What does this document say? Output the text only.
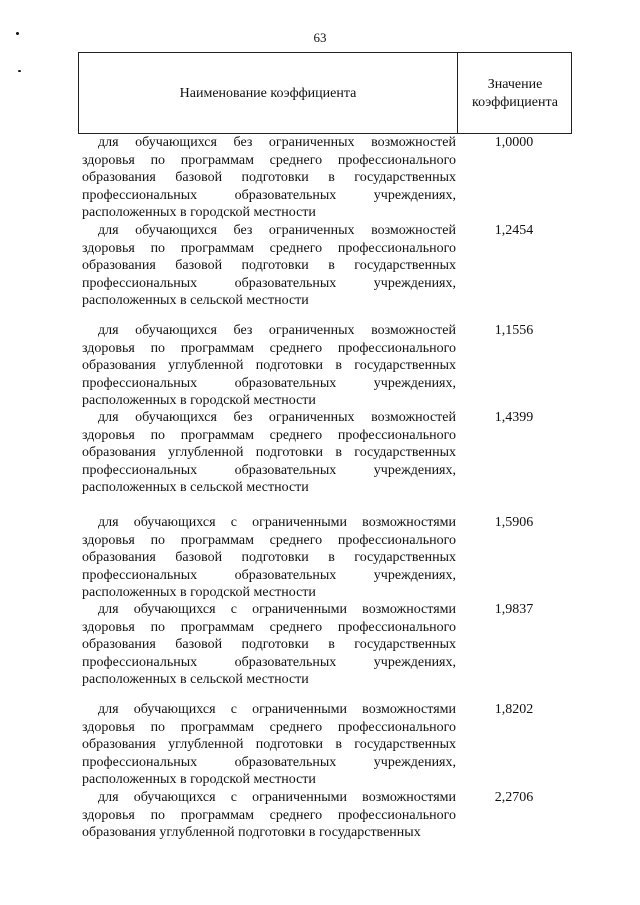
63
Наименование коэффициента
Значение
коэффициента

для обучающихся без ограниченных возможностей здоровья по программам среднего профессионального образования базовой подготовки в государственных профессиональных образовательных учреждениях, расположенных в городской местности

1,0000

для обучающихся без ограниченных возможностей здоровья по программам среднего профессионального образования базовой подготовки в государственных профессиональных образовательных учреждениях, расположенных в сельской местности

1,2454

для обучающихся без ограниченных возможностей здоровья по программам среднего профессионального образования углубленной подготовки в государственных профессиональных образовательных учреждениях, расположенных в городской местности

1,1556

для обучающихся без ограниченных возможностей здоровья по программам среднего профессионального образования углубленной подготовки в государственных профессиональных образовательных учреждениях, расположенных в сельской местности

1,4399

для обучающихся с ограниченными возможностями здоровья по программам среднего профессионального образования базовой подготовки в государственных профессиональных образовательных учреждениях, расположенных в городской местности

1,5906

для обучающихся с ограниченными возможностями здоровья по программам среднего профессионального образования базовой подготовки в государственных профессиональных образовательных учреждениях, расположенных в сельской местности

1,9837

для обучающихся с ограниченными возможностями здоровья по программам среднего профессионального образования углубленной подготовки в государственных профессиональных образовательных учреждениях, расположенных в городской местности

1,8202

для обучающихся с ограниченными возможностями здоровья по программам среднего профессионального образования углубленной подготовки в государственных

2,2706
